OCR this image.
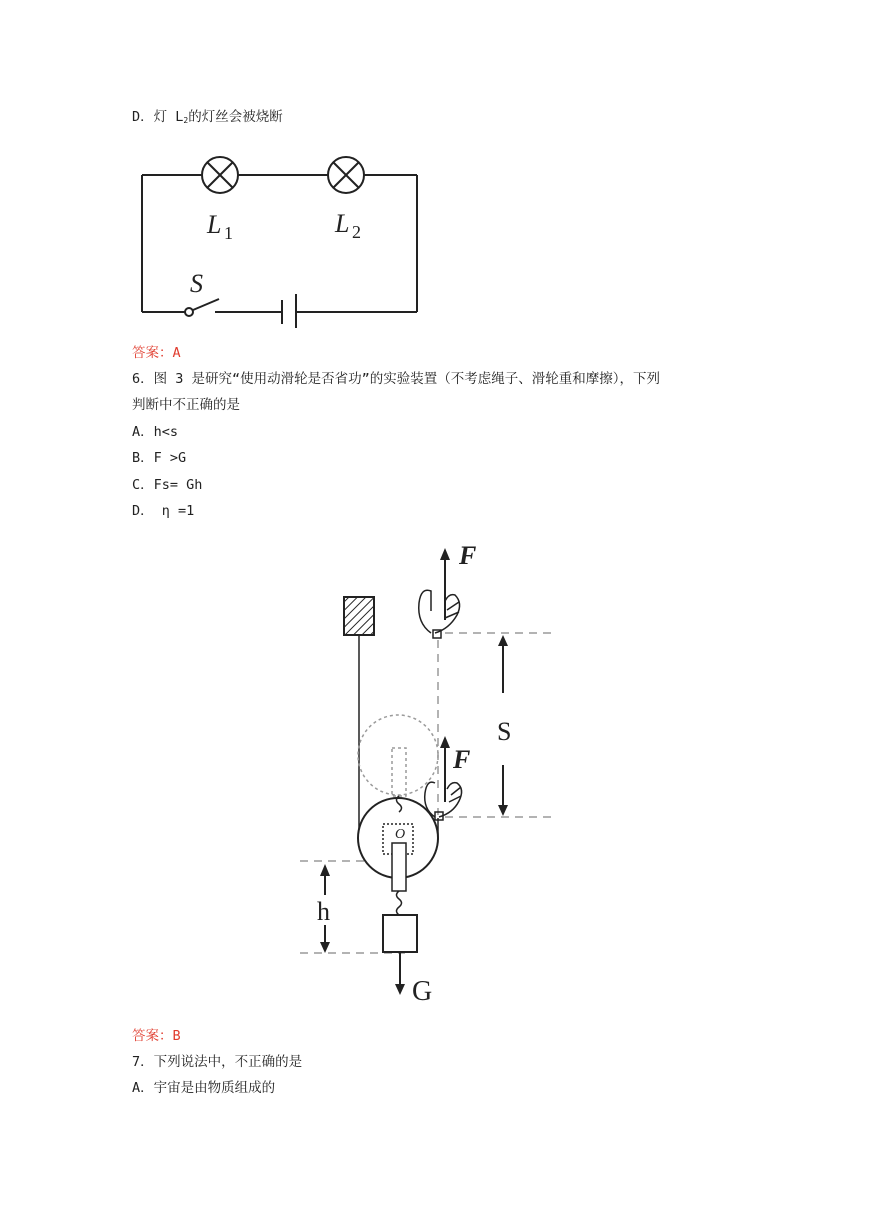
D．灯 $L_2$的灯丝会被烧断
L 1	L 2
S
答案：A
6．图 3 是研究“使用动滑轮是否省功”的实验装置（不考虑绳子、滑轮重和摩擦），下列
判断中不正确的是
A．h<s
B．F >G
C．Fs= Gh
D． η =1
O
G
F
F
S
h
答案：B
7．下列说法中，不正确的是
A．宇宙是由物质组成的
